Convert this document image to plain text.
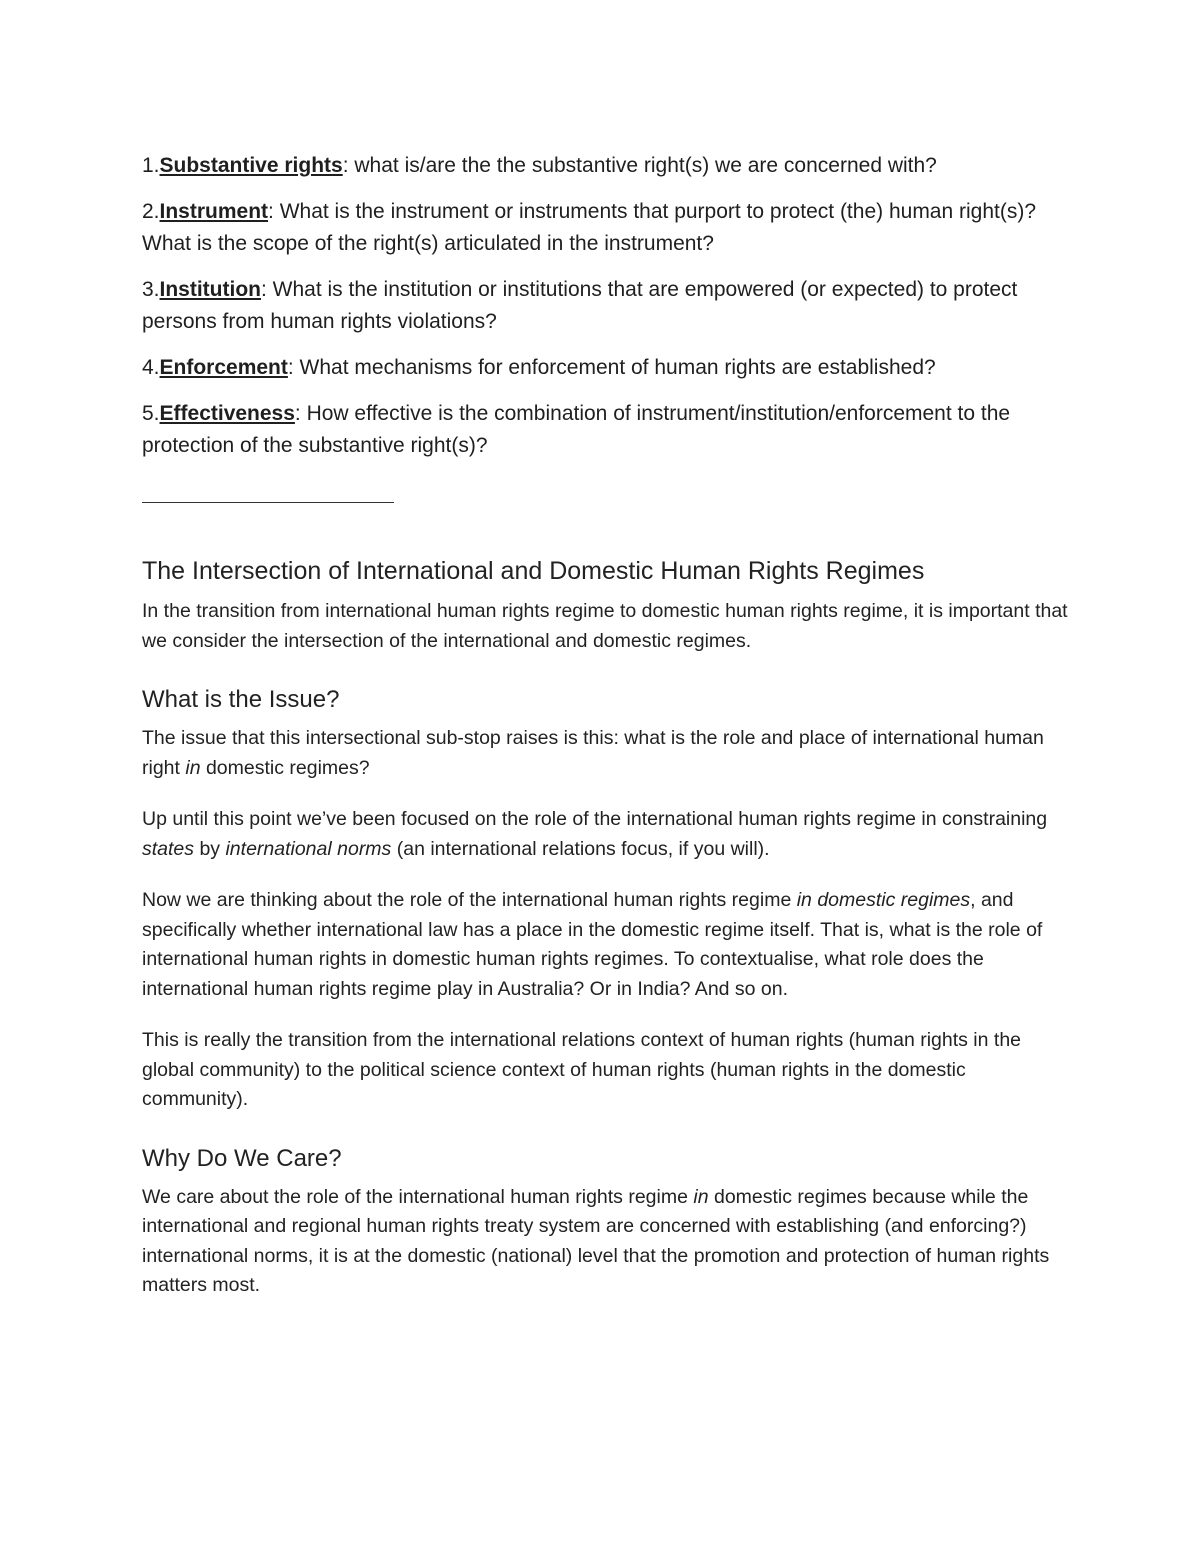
1.Substantive rights: what is/are the the substantive right(s) we are concerned with?
2.Instrument: What is the instrument or instruments that purport to protect (the) human right(s)? What is the scope of the right(s) articulated in the instrument?
3.Institution: What is the institution or institutions that are empowered (or expected) to protect persons from human rights violations?
4.Enforcement: What mechanisms for enforcement of human rights are established?
5.Effectiveness: How effective is the combination of instrument/institution/enforcement to the protection of the substantive right(s)?
The Intersection of International and Domestic Human Rights Regimes

In the transition from international human rights regime to domestic human rights regime, it is important that we consider the intersection of the international and domestic regimes.

What is the Issue?

The issue that this intersectional sub-stop raises is this: what is the role and place of international human right in domestic regimes?

Up until this point we’ve been focused on the role of the international human rights regime in constraining states by international norms (an international relations focus, if you will).

Now we are thinking about the role of the international human rights regime in domestic regimes, and specifically whether international law has a place in the domestic regime itself. That is, what is the role of international human rights in domestic human rights regimes. To contextualise, what role does the international human rights regime play in Australia? Or in India? And so on.

This is really the transition from the international relations context of human rights (human rights in the global community) to the political science context of human rights (human rights in the domestic community).

Why Do We Care?

We care about the role of the international human rights regime in domestic regimes because while the international and regional human rights treaty system are concerned with establishing (and enforcing?) international norms, it is at the domestic (national) level that the promotion and protection of human rights matters most.
